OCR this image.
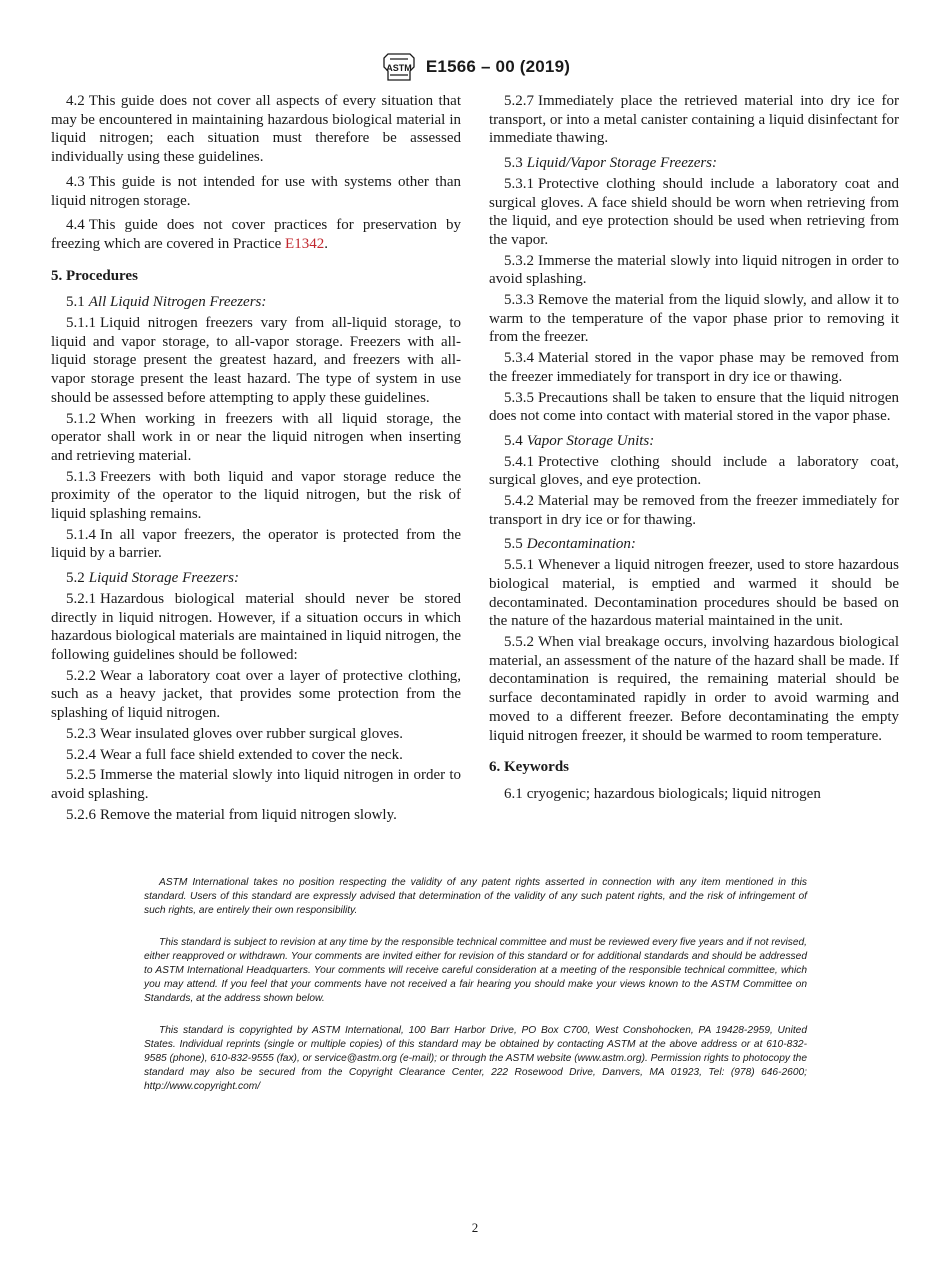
ASTM E1566 – 00 (2019)

4.2 This guide does not cover all aspects of every situation that may be encountered in maintaining hazardous biological material in liquid nitrogen; each situation must therefore be assessed individually using these guidelines.

4.3 This guide is not intended for use with systems other than liquid nitrogen storage.

4.4 This guide does not cover practices for preservation by freezing which are covered in Practice E1342.

5. Procedures

5.1 All Liquid Nitrogen Freezers:

5.1.1 Liquid nitrogen freezers vary from all-liquid storage, to liquid and vapor storage, to all-vapor storage. Freezers with all-liquid storage present the greatest hazard, and freezers with all-vapor storage present the least hazard. The type of system in use should be assessed before attempting to apply these guidelines.

5.1.2 When working in freezers with all liquid storage, the operator shall work in or near the liquid nitrogen when inserting and retrieving material.

5.1.3 Freezers with both liquid and vapor storage reduce the proximity of the operator to the liquid nitrogen, but the risk of liquid splashing remains.

5.1.4 In all vapor freezers, the operator is protected from the liquid by a barrier.

5.2 Liquid Storage Freezers:

5.2.1 Hazardous biological material should never be stored directly in liquid nitrogen. However, if a situation occurs in which hazardous biological materials are maintained in liquid nitrogen, the following guidelines should be followed:

5.2.2 Wear a laboratory coat over a layer of protective clothing, such as a heavy jacket, that provides some protection from the splashing of liquid nitrogen.

5.2.3 Wear insulated gloves over rubber surgical gloves.

5.2.4 Wear a full face shield extended to cover the neck.

5.2.5 Immerse the material slowly into liquid nitrogen in order to avoid splashing.

5.2.6 Remove the material from liquid nitrogen slowly.

5.2.7 Immediately place the retrieved material into dry ice for transport, or into a metal canister containing a liquid disinfectant for immediate thawing.

5.3 Liquid/Vapor Storage Freezers:

5.3.1 Protective clothing should include a laboratory coat and surgical gloves. A face shield should be worn when retrieving from the liquid, and eye protection should be used when retrieving from the vapor.

5.3.2 Immerse the material slowly into liquid nitrogen in order to avoid splashing.

5.3.3 Remove the material from the liquid slowly, and allow it to warm to the temperature of the vapor phase prior to removing it from the freezer.

5.3.4 Material stored in the vapor phase may be removed from the freezer immediately for transport in dry ice or thawing.

5.3.5 Precautions shall be taken to ensure that the liquid nitrogen does not come into contact with material stored in the vapor phase.

5.4 Vapor Storage Units:

5.4.1 Protective clothing should include a laboratory coat, surgical gloves, and eye protection.

5.4.2 Material may be removed from the freezer immediately for transport in dry ice or for thawing.

5.5 Decontamination:

5.5.1 Whenever a liquid nitrogen freezer, used to store hazardous biological material, is emptied and warmed it should be decontaminated. Decontamination procedures should be based on the nature of the hazardous material maintained in the unit.

5.5.2 When vial breakage occurs, involving hazardous biological material, an assessment of the nature of the hazard shall be made. If decontamination is required, the remaining material should be surface decontaminated rapidly in order to avoid warming and moved to a different freezer. Before decontaminating the empty liquid nitrogen freezer, it should be warmed to room temperature.

6. Keywords

6.1 cryogenic; hazardous biologicals; liquid nitrogen

ASTM International takes no position respecting the validity of any patent rights asserted in connection with any item mentioned in this standard. Users of this standard are expressly advised that determination of the validity of any such patent rights, and the risk of infringement of such rights, are entirely their own responsibility.

This standard is subject to revision at any time by the responsible technical committee and must be reviewed every five years and if not revised, either reapproved or withdrawn. Your comments are invited either for revision of this standard or for additional standards and should be addressed to ASTM International Headquarters. Your comments will receive careful consideration at a meeting of the responsible technical committee, which you may attend. If you feel that your comments have not received a fair hearing you should make your views known to the ASTM Committee on Standards, at the address shown below.

This standard is copyrighted by ASTM International, 100 Barr Harbor Drive, PO Box C700, West Conshohocken, PA 19428-2959, United States. Individual reprints (single or multiple copies) of this standard may be obtained by contacting ASTM at the above address or at 610-832-9585 (phone), 610-832-9555 (fax), or service@astm.org (e-mail); or through the ASTM website (www.astm.org). Permission rights to photocopy the standard may also be secured from the Copyright Clearance Center, 222 Rosewood Drive, Danvers, MA 01923, Tel: (978) 646-2600; http://www.copyright.com/

2
